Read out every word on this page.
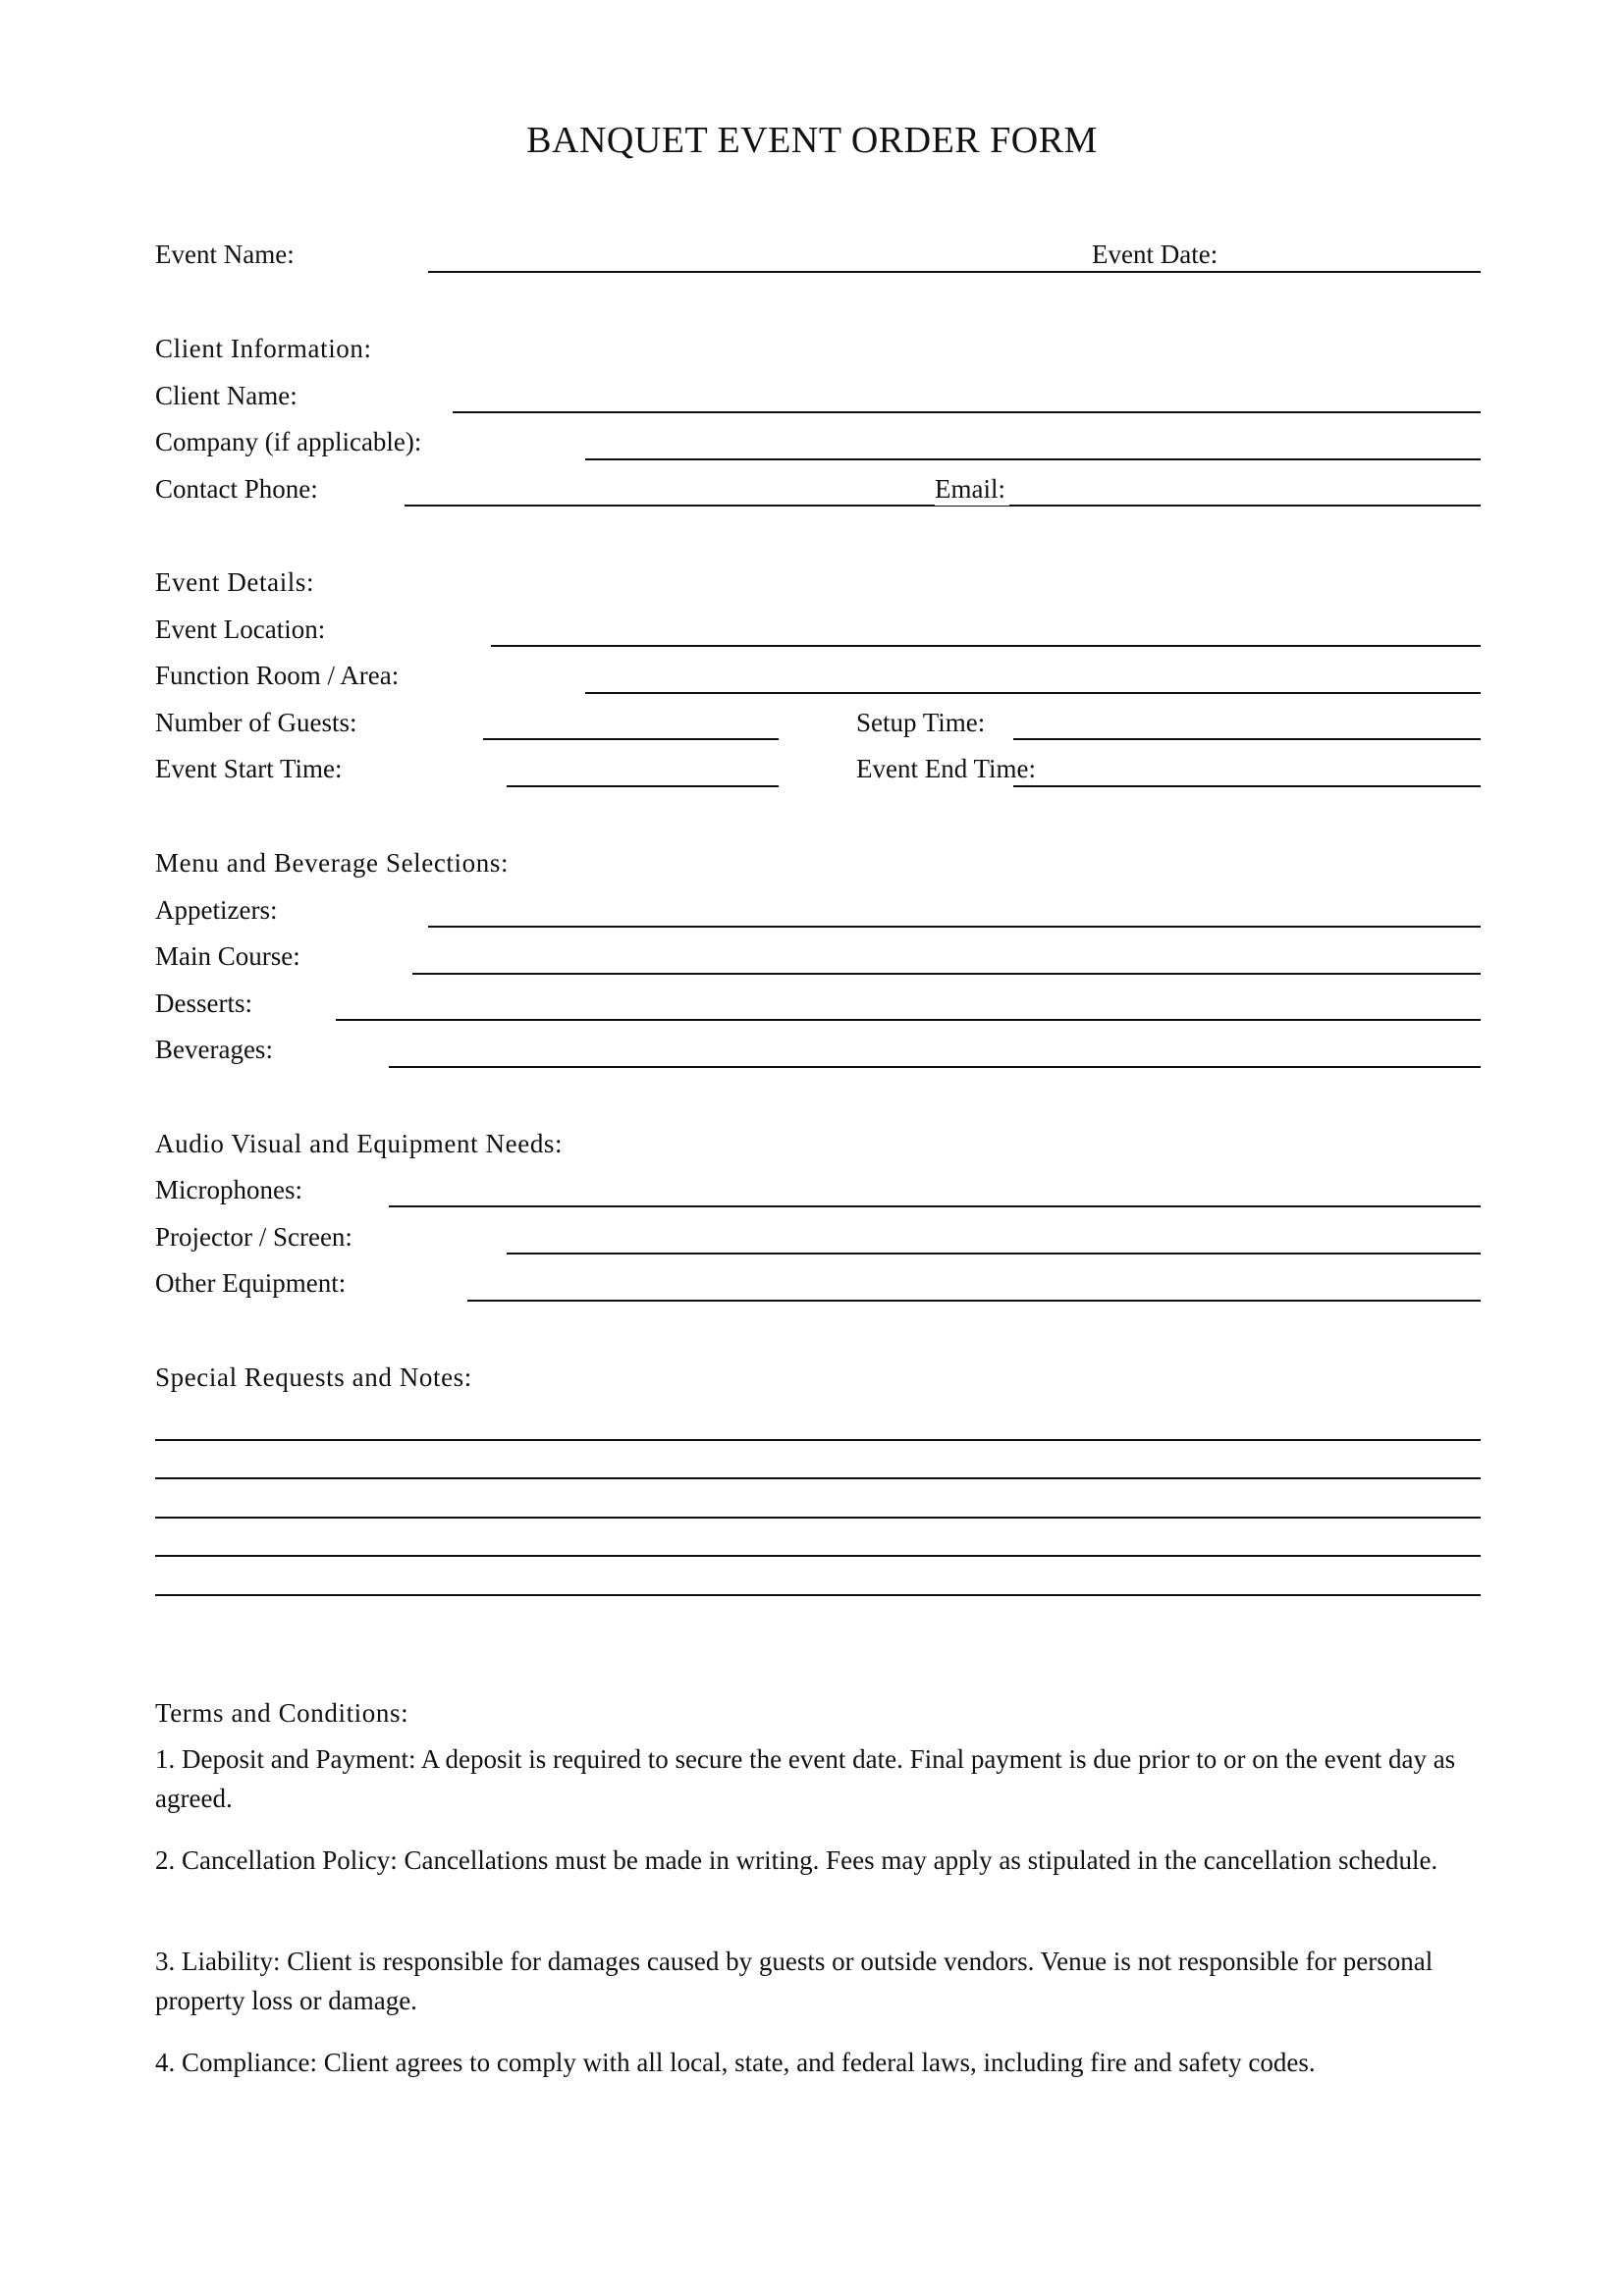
BANQUET EVENT ORDER FORM
Event Name:	Event Date:
Client Information:
Client Name:
Company (if applicable):
Contact Phone:	Email:
Event Details:
Event Location:
Function Room / Area:
Number of Guests:	Setup Time:
Event Start Time:	Event End Time:
Menu and Beverage Selections:
Appetizers:
Main Course:
Desserts:
Beverages:
Audio Visual and Equipment Needs:
Microphones:
Projector / Screen:
Other Equipment:
Special Requests and Notes:
Terms and Conditions:
1. Deposit and Payment: A deposit is required to secure the event date. Final payment is due prior to or on the event day as agreed.
2. Cancellation Policy: Cancellations must be made in writing. Fees may apply as stipulated in the cancellation schedule.
3. Liability: Client is responsible for damages caused by guests or outside vendors. Venue is not responsible for personal property loss or damage.
4. Compliance: Client agrees to comply with all local, state, and federal laws, including fire and safety codes.
